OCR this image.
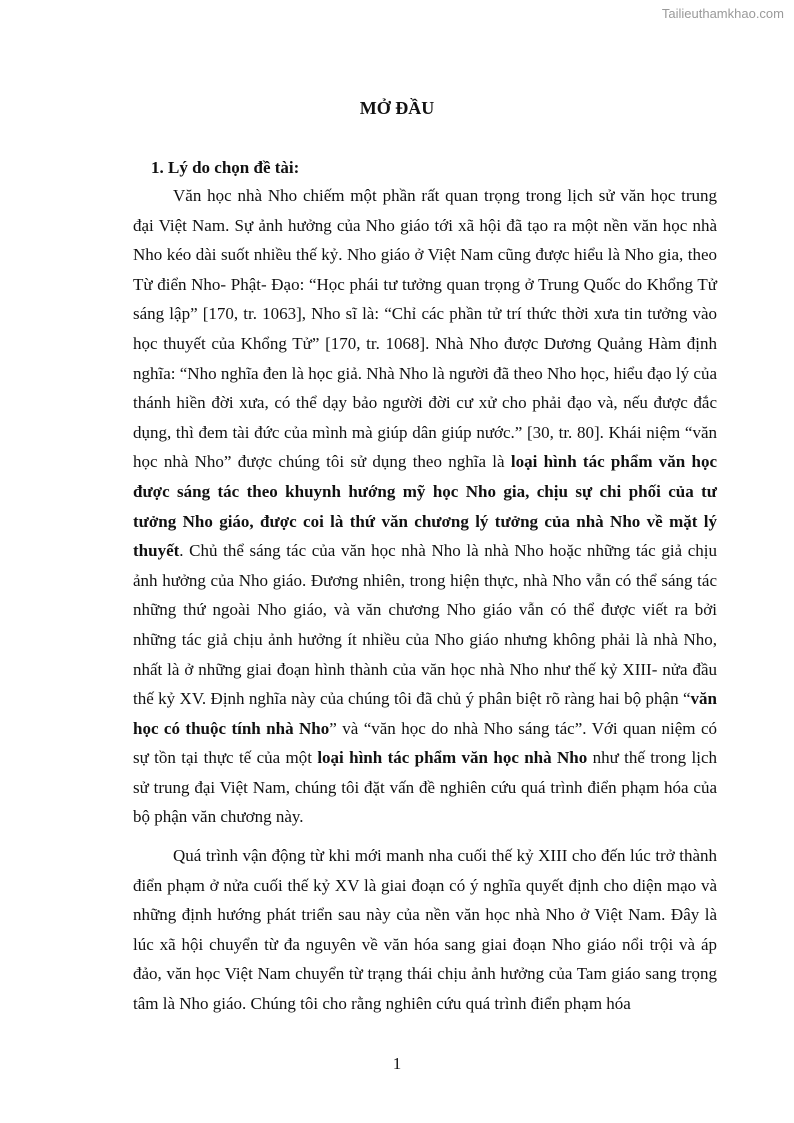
Tailieuthamkhao.com
MỞ ĐẦU
1. Lý do chọn đề tài:

Văn học nhà Nho chiếm một phần rất quan trọng trong lịch sử văn học trung đại Việt Nam. Sự ảnh hưởng của Nho giáo tới xã hội đã tạo ra một nền văn học nhà Nho kéo dài suốt nhiều thế kỷ. Nho giáo ở Việt Nam cũng được hiểu là Nho gia, theo Từ điển Nho- Phật- Đạo: “Học phái tư tưởng quan trọng ở Trung Quốc do Khổng Tử sáng lập” [170, tr. 1063], Nho sĩ là: “Chỉ các phần tử trí thức thời xưa tin tưởng vào học thuyết của Khổng Tử” [170, tr. 1068]. Nhà Nho được Dương Quảng Hàm định nghĩa: “Nho nghĩa đen là học giả. Nhà Nho là người đã theo Nho học, hiểu đạo lý của thánh hiền đời xưa, có thể dạy bảo người đời cư xử cho phải đạo và, nếu được đắc dụng, thì đem tài đức của mình mà giúp dân giúp nước.” [30, tr. 80]. Khái niệm “văn học nhà Nho” được chúng tôi sử dụng theo nghĩa là loại hình tác phẩm văn học được sáng tác theo khuynh hướng mỹ học Nho gia, chịu sự chi phối của tư tưởng Nho giáo, được coi là thứ văn chương lý tưởng của nhà Nho về mặt lý thuyết. Chủ thể sáng tác của văn học nhà Nho là nhà Nho hoặc những tác giả chịu ảnh hưởng của Nho giáo. Đương nhiên, trong hiện thực, nhà Nho vẫn có thể sáng tác những thứ ngoài Nho giáo, và văn chương Nho giáo vẫn có thể được viết ra bởi những tác giả chịu ảnh hưởng ít nhiều của Nho giáo nhưng không phải là nhà Nho, nhất là ở những giai đoạn hình thành của văn học nhà Nho như thế kỷ XIII- nửa đầu thế kỷ XV. Định nghĩa này của chúng tôi đã chủ ý phân biệt rõ ràng hai bộ phận “văn học có thuộc tính nhà Nho” và “văn học do nhà Nho sáng tác”. Với quan niệm có sự tồn tại thực tế của một loại hình tác phẩm văn học nhà Nho như thế trong lịch sử trung đại Việt Nam, chúng tôi đặt vấn đề nghiên cứu quá trình điển phạm hóa của bộ phận văn chương này.

Quá trình vận động từ khi mới manh nha cuối thế kỷ XIII cho đến lúc trở thành điển phạm ở nửa cuối thế kỷ XV là giai đoạn có ý nghĩa quyết định cho diện mạo và những định hướng phát triển sau này của nền văn học nhà Nho ở Việt Nam. Đây là lúc xã hội chuyển từ đa nguyên về văn hóa sang giai đoạn Nho giáo nổi trội và áp đảo, văn học Việt Nam chuyển từ trạng thái chịu ảnh hưởng của Tam giáo sang trọng tâm là Nho giáo. Chúng tôi cho rằng nghiên cứu quá trình điển phạm hóa

1
